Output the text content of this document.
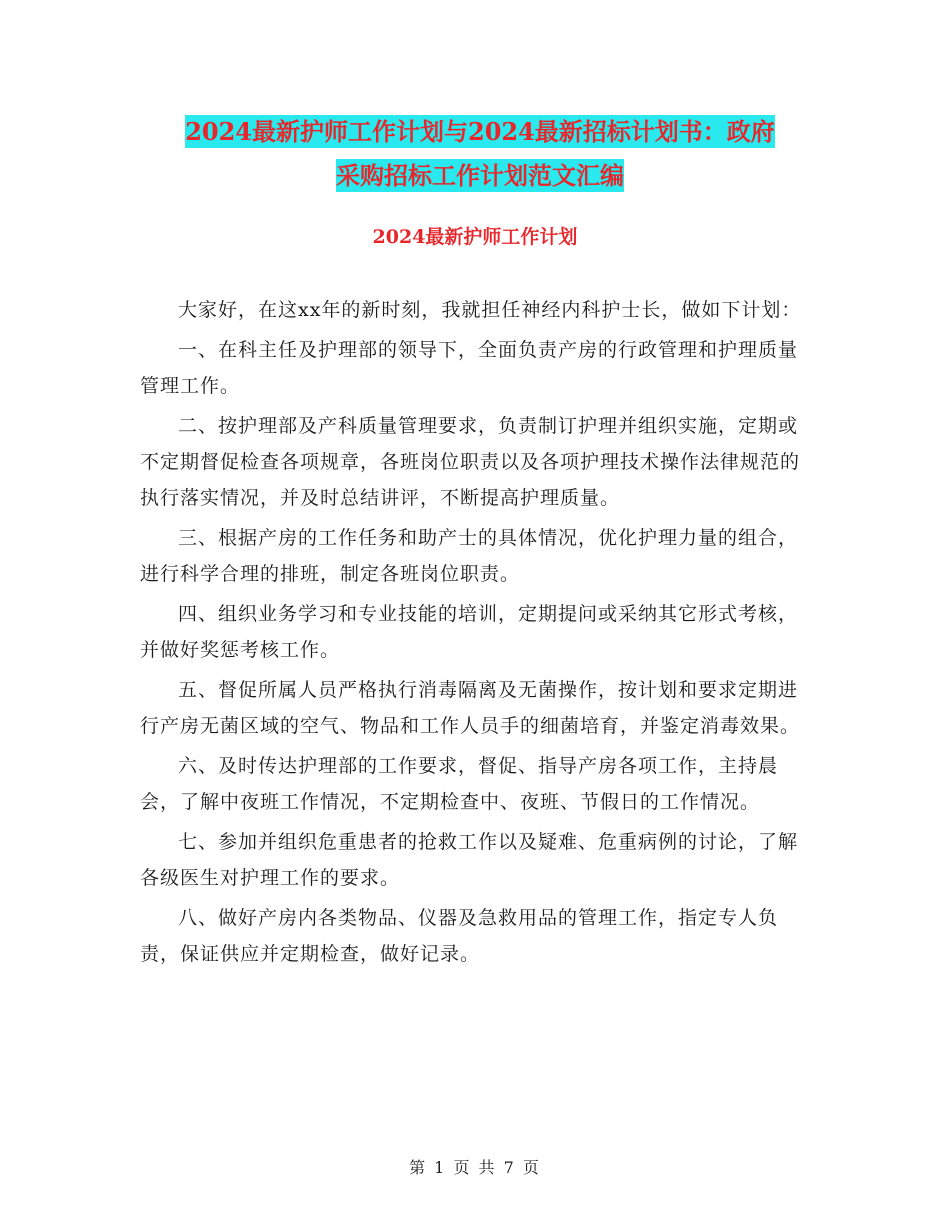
2024最新护师工作计划与2024最新招标计划书：政府
采购招标工作计划范文汇编
2024最新护师工作计划

大家好，在这xx年的新时刻，我就担任神经内科护士长，做如下计划：

一、在科主任及护理部的领导下，全面负责产房的行政管理和护理质量管理工作。

二、按护理部及产科质量管理要求，负责制订护理并组织实施，定期或不定期督促检查各项规章，各班岗位职责以及各项护理技术操作法律规范的执行落实情况，并及时总结讲评，不断提高护理质量。

三、根据产房的工作任务和助产士的具体情况，优化护理力量的组合，进行科学合理的排班，制定各班岗位职责。

四、组织业务学习和专业技能的培训，定期提问或采纳其它形式考核，并做好奖惩考核工作。

五、督促所属人员严格执行消毒隔离及无菌操作，按计划和要求定期进行产房无菌区域的空气、物品和工作人员手的细菌培育，并鉴定消毒效果。

六、及时传达护理部的工作要求，督促、指导产房各项工作，主持晨会，了解中夜班工作情况，不定期检查中、夜班、节假日的工作情况。

七、参加并组织危重患者的抢救工作以及疑难、危重病例的讨论，了解各级医生对护理工作的要求。

八、做好产房内各类物品、仪器及急救用品的管理工作，指定专人负责，保证供应并定期检查，做好记录。

第 1 页 共 7 页
